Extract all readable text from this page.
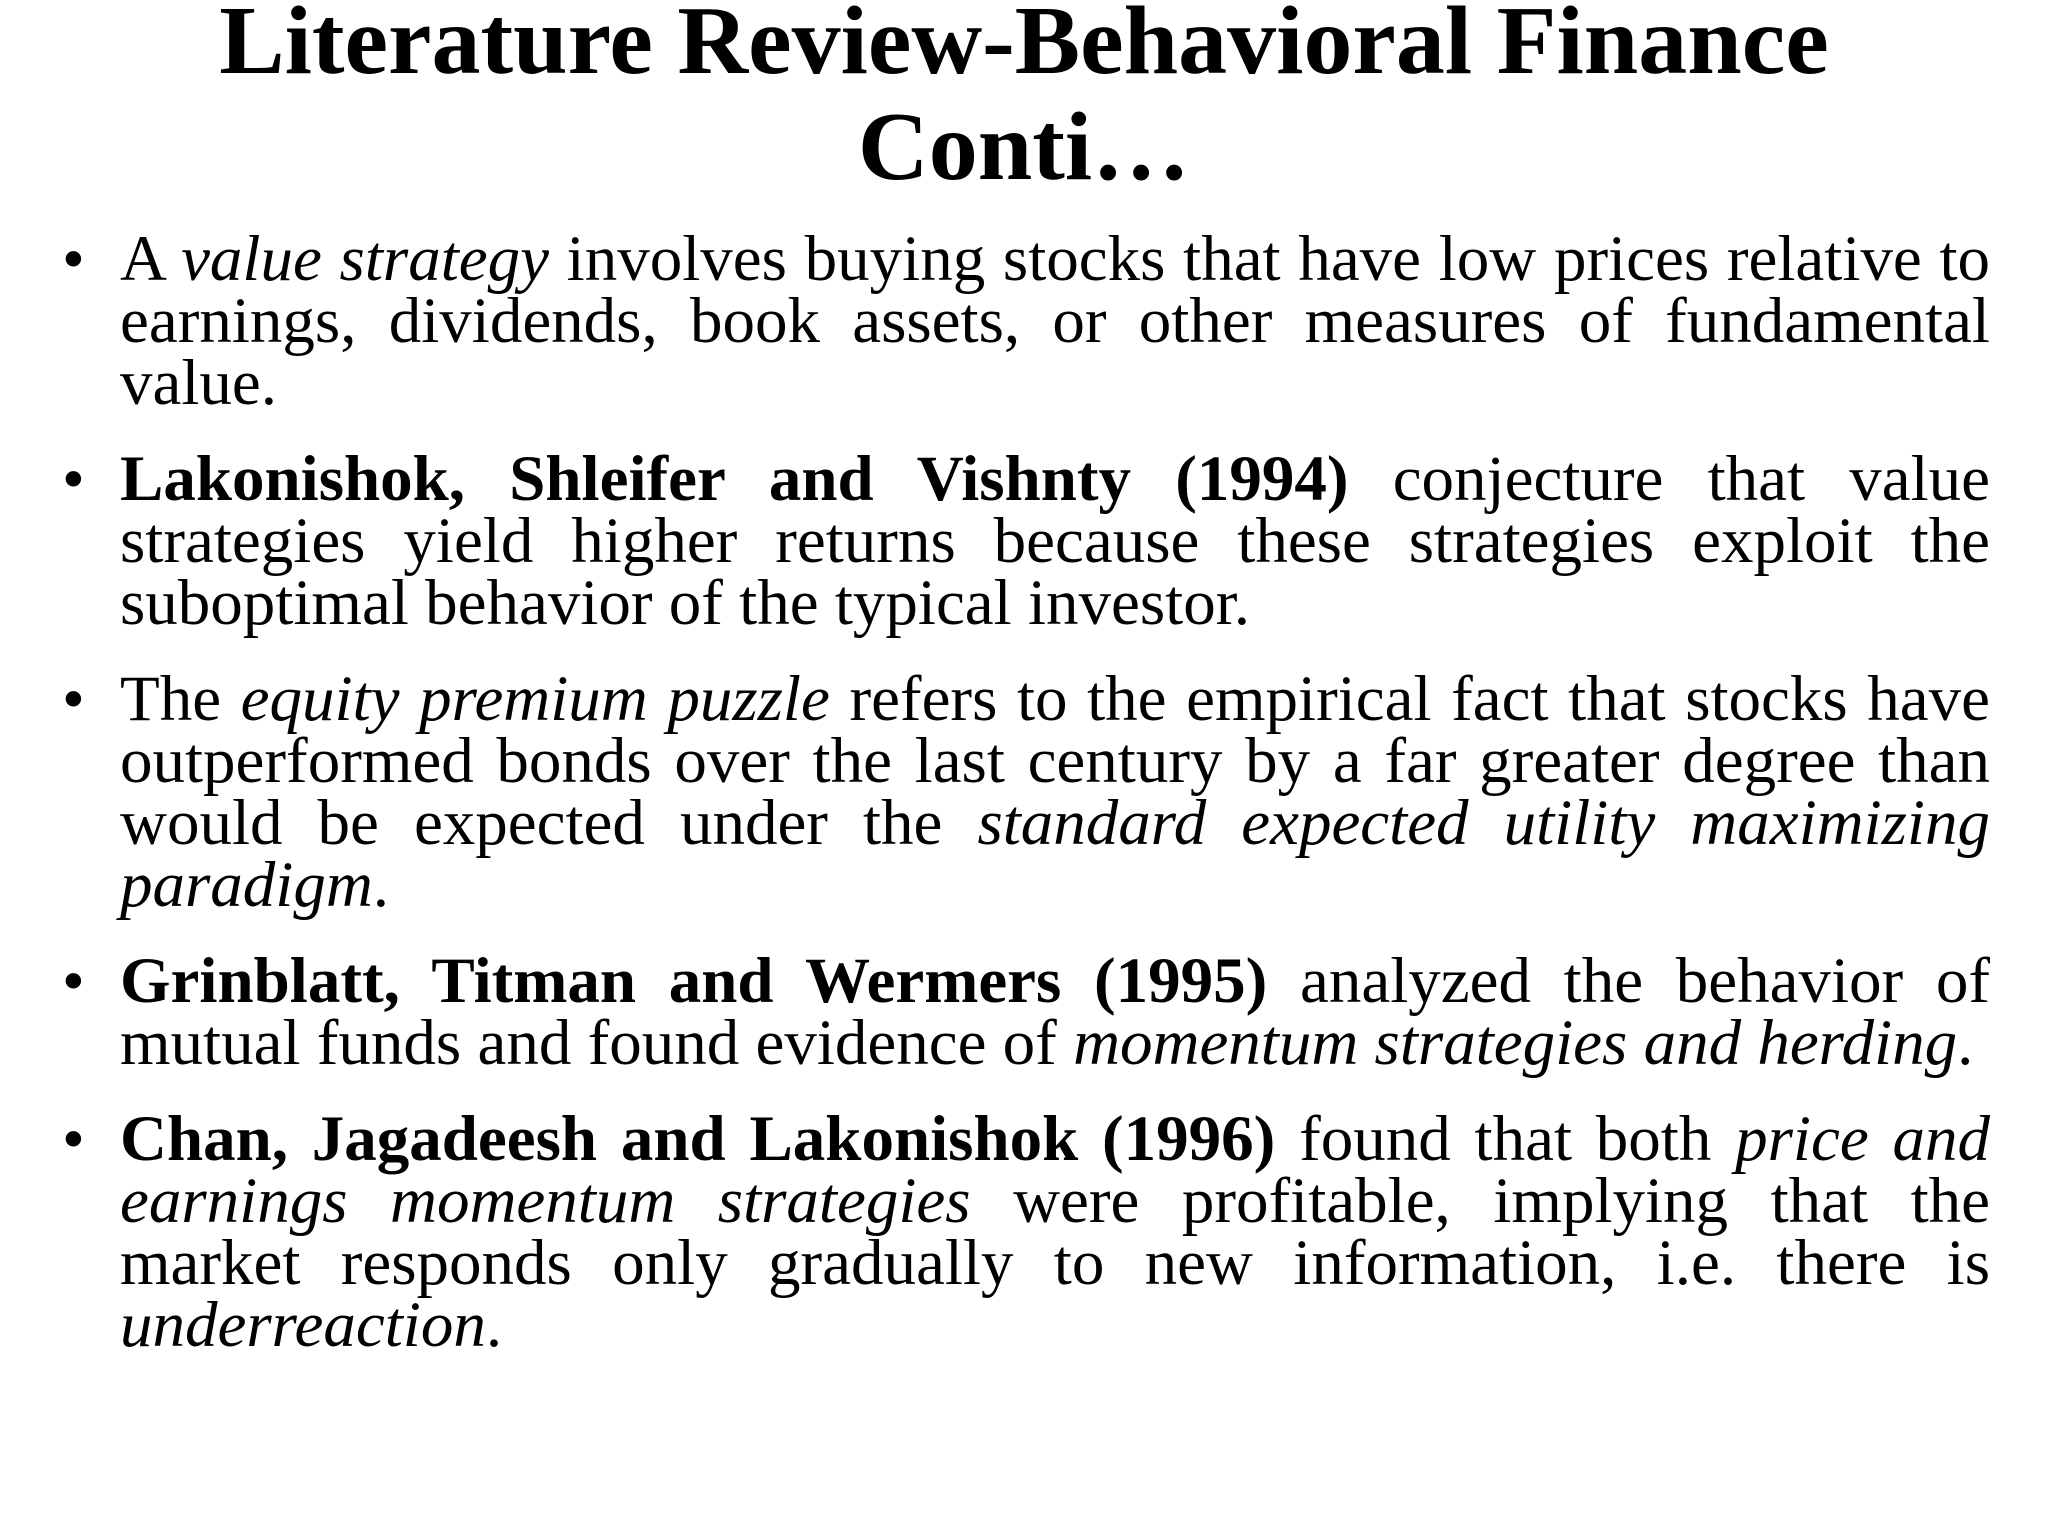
Literature Review-Behavioral Finance
Conti…
• A value strategy involves buying stocks that have low prices relative to earnings, dividends, book assets, or other measures of fundamental value.
• Lakonishok, Shleifer and Vishnty (1994) conjecture that value strategies yield higher returns because these strategies exploit the suboptimal behavior of the typical investor.
• The equity premium puzzle refers to the empirical fact that stocks have outperformed bonds over the last century by a far greater degree than would be expected under the standard expected utility maximizing paradigm.
• Grinblatt, Titman and Wermers (1995) analyzed the behavior of mutual funds and found evidence of momentum strategies and herding.
• Chan, Jagadeesh and Lakonishok (1996) found that both price and earnings momentum strategies were profitable, implying that the market responds only gradually to new information, i.e. there is underreaction.
